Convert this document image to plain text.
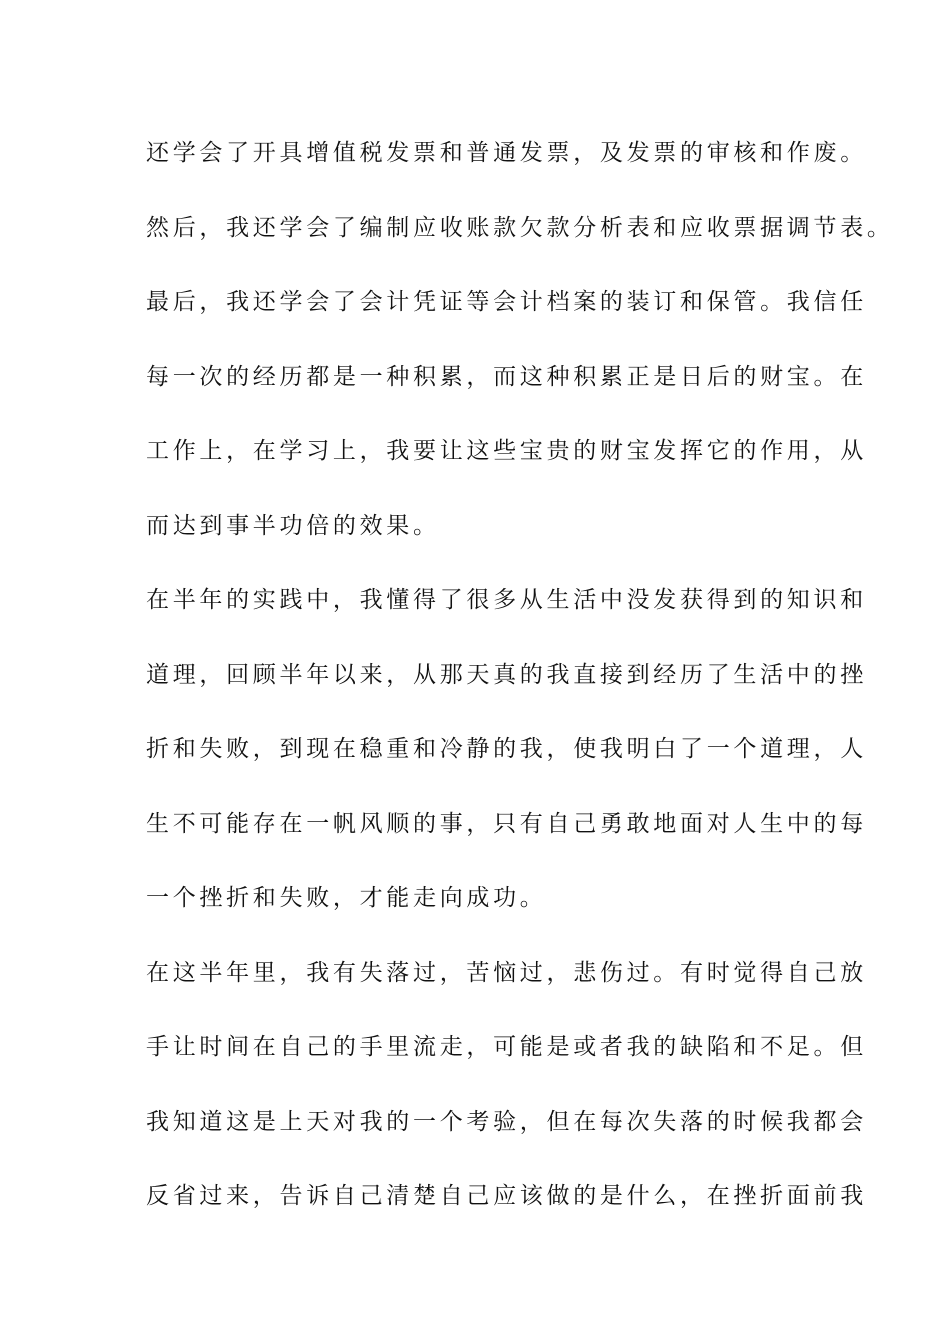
还学会了开具增值税发票和普通发票，及发票的审核和作废。
然后，我还学会了编制应收账款欠款分析表和应收票据调节表。
最后，我还学会了会计凭证等会计档案的装订和保管。我信任
每一次的经历都是一种积累，而这种积累正是日后的财宝。在
工作上，在学习上，我要让这些宝贵的财宝发挥它的作用，从
而达到事半功倍的效果。
在半年的实践中，我懂得了很多从生活中没发获得到的知识和
道理，回顾半年以来，从那天真的我直接到经历了生活中的挫
折和失败，到现在稳重和冷静的我，使我明白了一个道理，人
生不可能存在一帆风顺的事，只有自己勇敢地面对人生中的每
一个挫折和失败，才能走向成功。
在这半年里，我有失落过，苦恼过，悲伤过。有时觉得自己放
手让时间在自己的手里流走，可能是或者我的缺陷和不足。但
我知道这是上天对我的一个考验，但在每次失落的时候我都会
反省过来，告诉自己清楚自己应该做的是什么，在挫折面前我
